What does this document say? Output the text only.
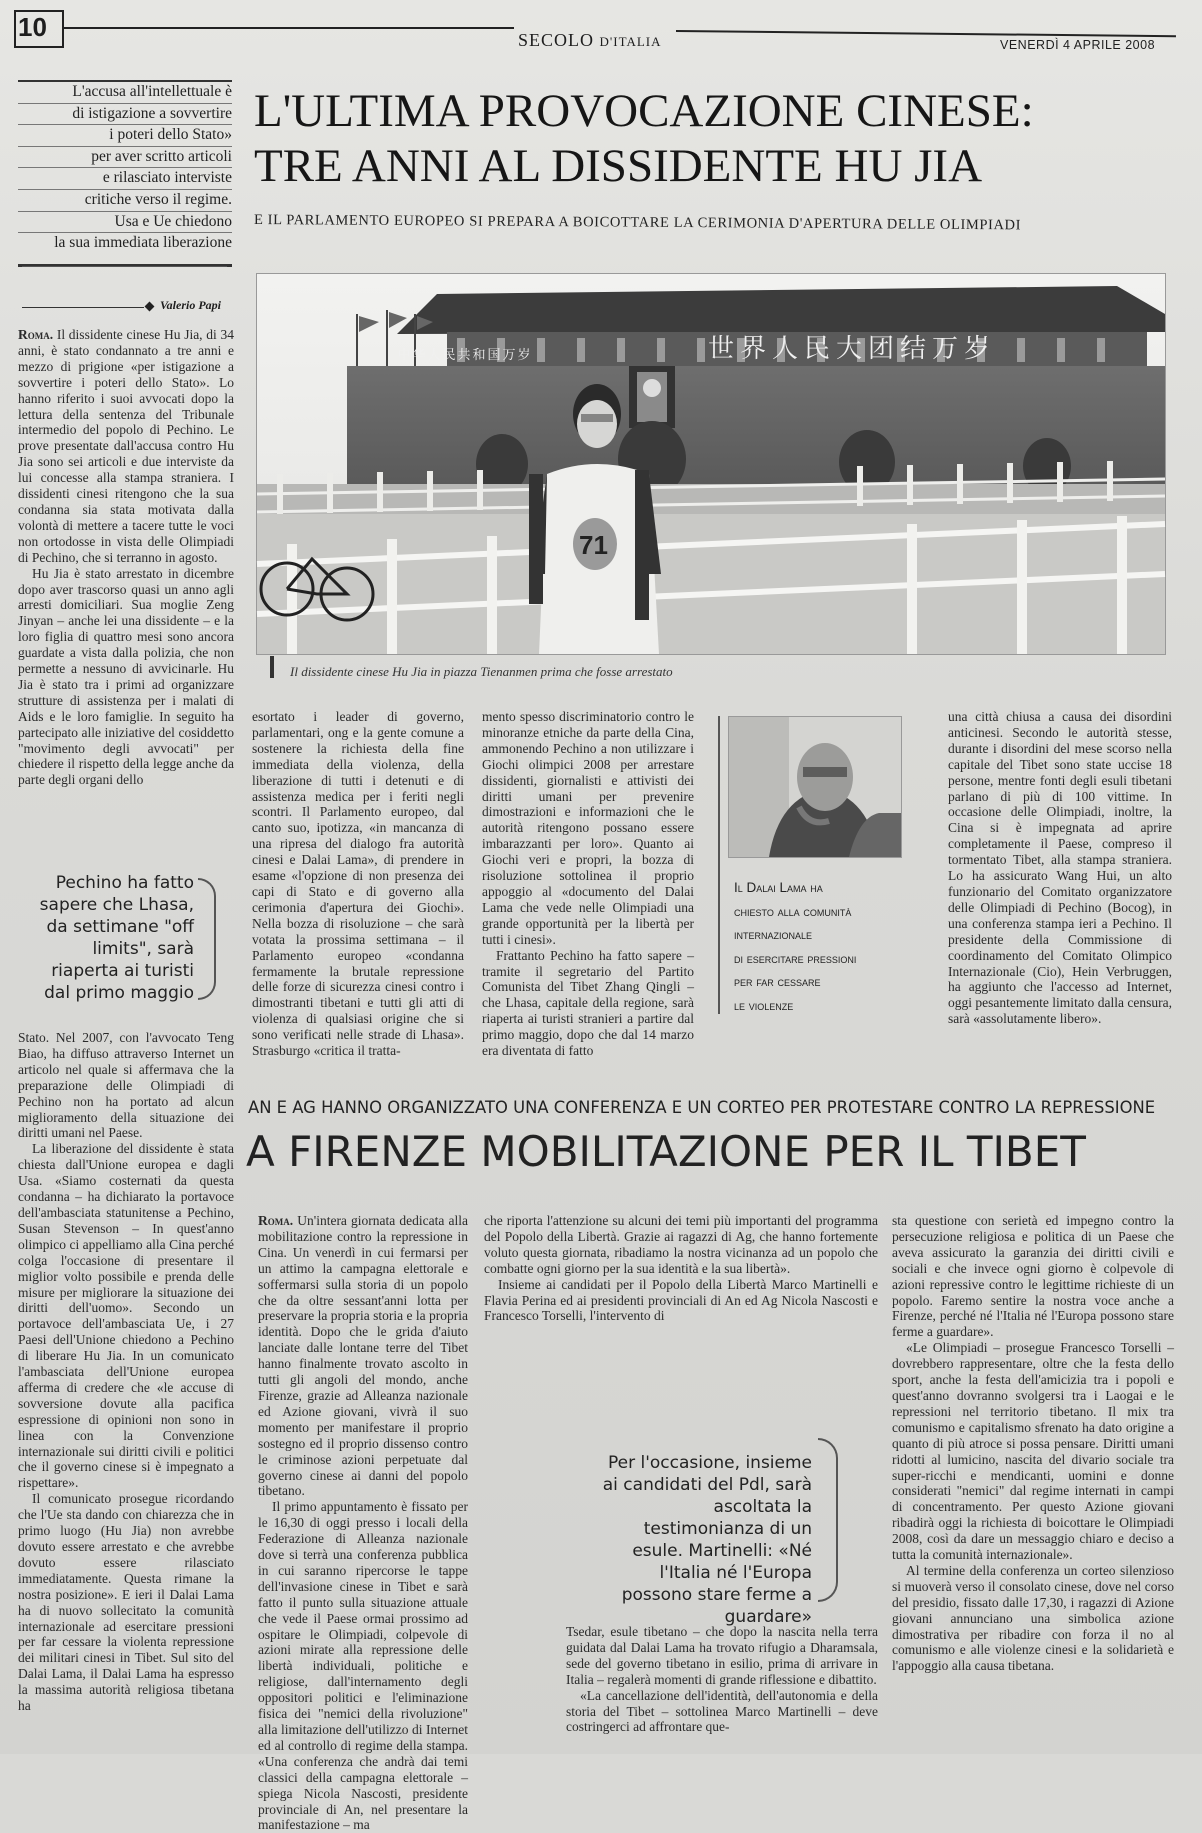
10	SECOLO D'ITALIA	VENERDÌ 4 APRILE 2008
L'accusa all'intellettuale è
di istigazione a sovvertire
i poteri dello Stato»
per aver scritto articoli
e rilasciato interviste
critiche verso il regime.
Usa e Ue chiedono
la sua immediata liberazione
L'ULTIMA PROVOCAZIONE CINESE:
TRE ANNI AL DISSIDENTE HU JIA
E IL PARLAMENTO EUROPEO SI PREPARA A BOICOTTARE LA CERIMONIA D'APERTURA DELLE OLIMPIADI
Valerio Papi

Roma. Il dissidente cinese Hu Jia, di 34 anni, è stato condannato a tre anni e mezzo di prigione «per istigazione a sovvertire i poteri dello Stato». Lo hanno riferito i suoi avvocati dopo la lettura della sentenza del Tribunale intermedio del popolo di Pechino. Le prove presentate dall'accusa contro Hu Jia sono sei articoli e due interviste da lui concesse alla stampa straniera. I dissidenti cinesi ritengono che la sua condanna sia stata motivata dalla volontà di mettere a tacere tutte le voci non ortodosse in vista delle Olimpiadi di Pechino, che si terranno in agosto.

Hu Jia è stato arrestato in dicembre dopo aver trascorso quasi un anno agli arresti domiciliari. Sua moglie Zeng Jinyan – anche lei una dissidente – e la loro figlia di quattro mesi sono ancora guardate a vista dalla polizia, che non permette a nessuno di avvicinarle. Hu Jia è stato tra i primi ad organizzare strutture di assistenza per i malati di Aids e le loro famiglie. In seguito ha partecipato alle iniziative del cosiddetto "movimento degli avvocati" per chiedere il rispetto della legge anche da parte degli organi dello

Pechino ha fatto sapere che Lhasa, da settimane "off limits", sarà riaperta ai turisti dal primo maggio

Stato. Nel 2007, con l'avvocato Teng Biao, ha diffuso attraverso Internet un articolo nel quale si affermava che la preparazione delle Olimpiadi di Pechino non ha portato ad alcun miglioramento della situazione dei diritti umani nel Paese.

La liberazione del dissidente è stata chiesta dall'Unione europea e dagli Usa. «Siamo costernati da questa condanna – ha dichiarato la portavoce dell'ambasciata statunitense a Pechino, Susan Stevenson – In quest'anno olimpico ci appelliamo alla Cina perché colga l'occasione di presentare il miglior volto possibile e prenda delle misure per migliorare la situazione dei diritti dell'uomo». Secondo un portavoce dell'ambasciata Ue, i 27 Paesi dell'Unione chiedono a Pechino di liberare Hu Jia. In un comunicato l'ambasciata dell'Unione europea afferma di credere che «le accuse di sovversione dovute alla pacifica espressione di opinioni non sono in linea con la Convenzione internazionale sui diritti civili e politici che il governo cinese si è impegnato a rispettare».

Il comunicato prosegue ricordando che l'Ue sta dando con chiarezza che in primo luogo (Hu Jia) non avrebbe dovuto essere arrestato e che avrebbe dovuto essere rilasciato immediatamente. Questa rimane la nostra posizione». E ieri il Dalai Lama ha di nuovo sollecitato la comunità internazionale ad esercitare pressioni per far cessare la violenta repressione dei militari cinesi in Tibet. Sul sito del Dalai Lama, il Dalai Lama ha espresso la massima autorità religiosa tibetana ha

世界人民大团结万岁
中华人民共和国万岁
71
Il dissidente cinese Hu Jia in piazza Tienanmen prima che fosse arrestato

esortato i leader di governo, parlamentari, ong e la gente comune a sostenere la richiesta della fine immediata della violenza, della liberazione di tutti i detenuti e di assistenza medica per i feriti negli scontri. Il Parlamento europeo, dal canto suo, ipotizza, «in mancanza di una ripresa del dialogo fra autorità cinesi e Dalai Lama», di prendere in esame «l'opzione di non presenza dei capi di Stato e di governo alla cerimonia d'apertura dei Giochi». Nella bozza di risoluzione – che sarà votata la prossima settimana – il Parlamento europeo «condanna fermamente la brutale repressione delle forze di sicurezza cinesi contro i dimostranti tibetani e tutti gli atti di violenza di qualsiasi origine che si sono verificati nelle strade di Lhasa». Strasburgo «critica il tratta-

mento spesso discriminatorio contro le minoranze etniche da parte della Cina, ammonendo Pechino a non utilizzare i Giochi olimpici 2008 per arrestare dissidenti, giornalisti e attivisti dei diritti umani per prevenire dimostrazioni e informazioni che le autorità ritengono possano essere imbarazzanti per loro». Quanto ai Giochi veri e propri, la bozza di risoluzione sottolinea il proprio appoggio al «documento del Dalai Lama che vede nelle Olimpiadi una grande opportunità per la libertà per tutti i cinesi».

Frattanto Pechino ha fatto sapere – tramite il segretario del Partito Comunista del Tibet Zhang Qingli – che Lhasa, capitale della regione, sarà riaperta ai turisti stranieri a partire dal primo maggio, dopo che dal 14 marzo era diventata di fatto

Il Dalai Lama ha
chiesto alla comunità
internazionale
di esercitare pressioni
per far cessare
le violenze

una città chiusa a causa dei disordini anticinesi. Secondo le autorità stesse, durante i disordini del mese scorso nella capitale del Tibet sono state uccise 18 persone, mentre fonti degli esuli tibetani parlano di più di 100 vittime. In occasione delle Olimpiadi, inoltre, la Cina si è impegnata ad aprire completamente il Paese, compreso il tormentato Tibet, alla stampa straniera. Lo ha assicurato Wang Hui, un alto funzionario del Comitato organizzatore delle Olimpiadi di Pechino (Bocog), in una conferenza stampa ieri a Pechino. Il presidente della Commissione di coordinamento del Comitato Olimpico Internazionale (Cio), Hein Verbruggen, ha aggiunto che l'accesso ad Internet, oggi pesantemente limitato dalla censura, sarà «assolutamente libero».

AN E AG HANNO ORGANIZZATO UNA CONFERENZA E UN CORTEO PER PROTESTARE CONTRO LA REPRESSIONE
A FIRENZE MOBILITAZIONE PER IL TIBET

Roma. Un'intera giornata dedicata alla mobilitazione contro la repressione in Cina. Un venerdì in cui fermarsi per un attimo la campagna elettorale e soffermarsi sulla storia di un popolo che da oltre sessant'anni lotta per preservare la propria storia e la propria identità. Dopo che le grida d'aiuto lanciate dalle lontane terre del Tibet hanno finalmente trovato ascolto in tutti gli angoli del mondo, anche Firenze, grazie ad Alleanza nazionale ed Azione giovani, vivrà il suo momento per manifestare il proprio sostegno ed il proprio dissenso contro le criminose azioni perpetuate dal governo cinese ai danni del popolo tibetano.

Il primo appuntamento è fissato per le 16,30 di oggi presso i locali della Federazione di Alleanza nazionale dove si terrà una conferenza pubblica in cui saranno ripercorse le tappe dell'invasione cinese in Tibet e sarà fatto il punto sulla situazione attuale che vede il Paese ormai prossimo ad ospitare le Olimpiadi, colpevole di azioni mirate alla repressione delle libertà individuali, politiche e religiose, dall'internamento degli oppositori politici e l'eliminazione fisica dei "nemici della rivoluzione" alla limitazione dell'utilizzo di Internet ed al controllo di regime della stampa. «Una conferenza che andrà dai temi classici della campagna elettorale – spiega Nicola Nascosti, presidente provinciale di An, nel presentare la manifestazione – ma

che riporta l'attenzione su alcuni dei temi più importanti del programma del Popolo della Libertà. Grazie ai ragazzi di Ag, che hanno fortemente voluto questa giornata, ribadiamo la nostra vicinanza ad un popolo che combatte ogni giorno per la sua identità e la sua libertà».

Insieme ai candidati per il Popolo della Libertà Marco Martinelli e Flavia Perina ed ai presidenti provinciali di An ed Ag Nicola Nascosti e Francesco Torselli, l'intervento di

Per l'occasione, insieme ai candidati del Pdl, sarà ascoltata la testimonianza di un esule. Martinelli: «Né l'Italia né l'Europa possono stare ferme a guardare»

Tsedar, esule tibetano – che dopo la nascita nella terra guidata dal Dalai Lama ha trovato rifugio a Dharamsala, sede del governo tibetano in esilio, prima di arrivare in Italia – regalerà momenti di grande riflessione e dibattito.

«La cancellazione dell'identità, dell'autonomia e della storia del Tibet – sottolinea Marco Martinelli – deve costringerci ad affrontare que-

sta questione con serietà ed impegno contro la persecuzione religiosa e politica di un Paese che aveva assicurato la garanzia dei diritti civili e sociali e che invece ogni giorno è colpevole di azioni repressive contro le legittime richieste di un popolo. Faremo sentire la nostra voce anche a Firenze, perché né l'Italia né l'Europa possono stare ferme a guardare».

«Le Olimpiadi – prosegue Francesco Torselli – dovrebbero rappresentare, oltre che la festa dello sport, anche la festa dell'amicizia tra i popoli e quest'anno dovranno svolgersi tra i Laogai e le repressioni nel territorio tibetano. Il mix tra comunismo e capitalismo sfrenato ha dato origine a quanto di più atroce si possa pensare. Diritti umani ridotti al lumicino, nascita del divario sociale tra super-ricchi e mendicanti, uomini e donne considerati "nemici" dal regime internati in campi di concentramento. Per questo Azione giovani ribadirà oggi la richiesta di boicottare le Olimpiadi 2008, così da dare un messaggio chiaro e deciso a tutta la comunità internazionale».

Al termine della conferenza un corteo silenzioso si muoverà verso il consolato cinese, dove nel corso del presidio, fissato dalle 17,30, i ragazzi di Azione giovani annunciano una simbolica azione dimostrativa per ribadire con forza il no al comunismo e alle violenze cinesi e la solidarietà e l'appoggio alla causa tibetana.
